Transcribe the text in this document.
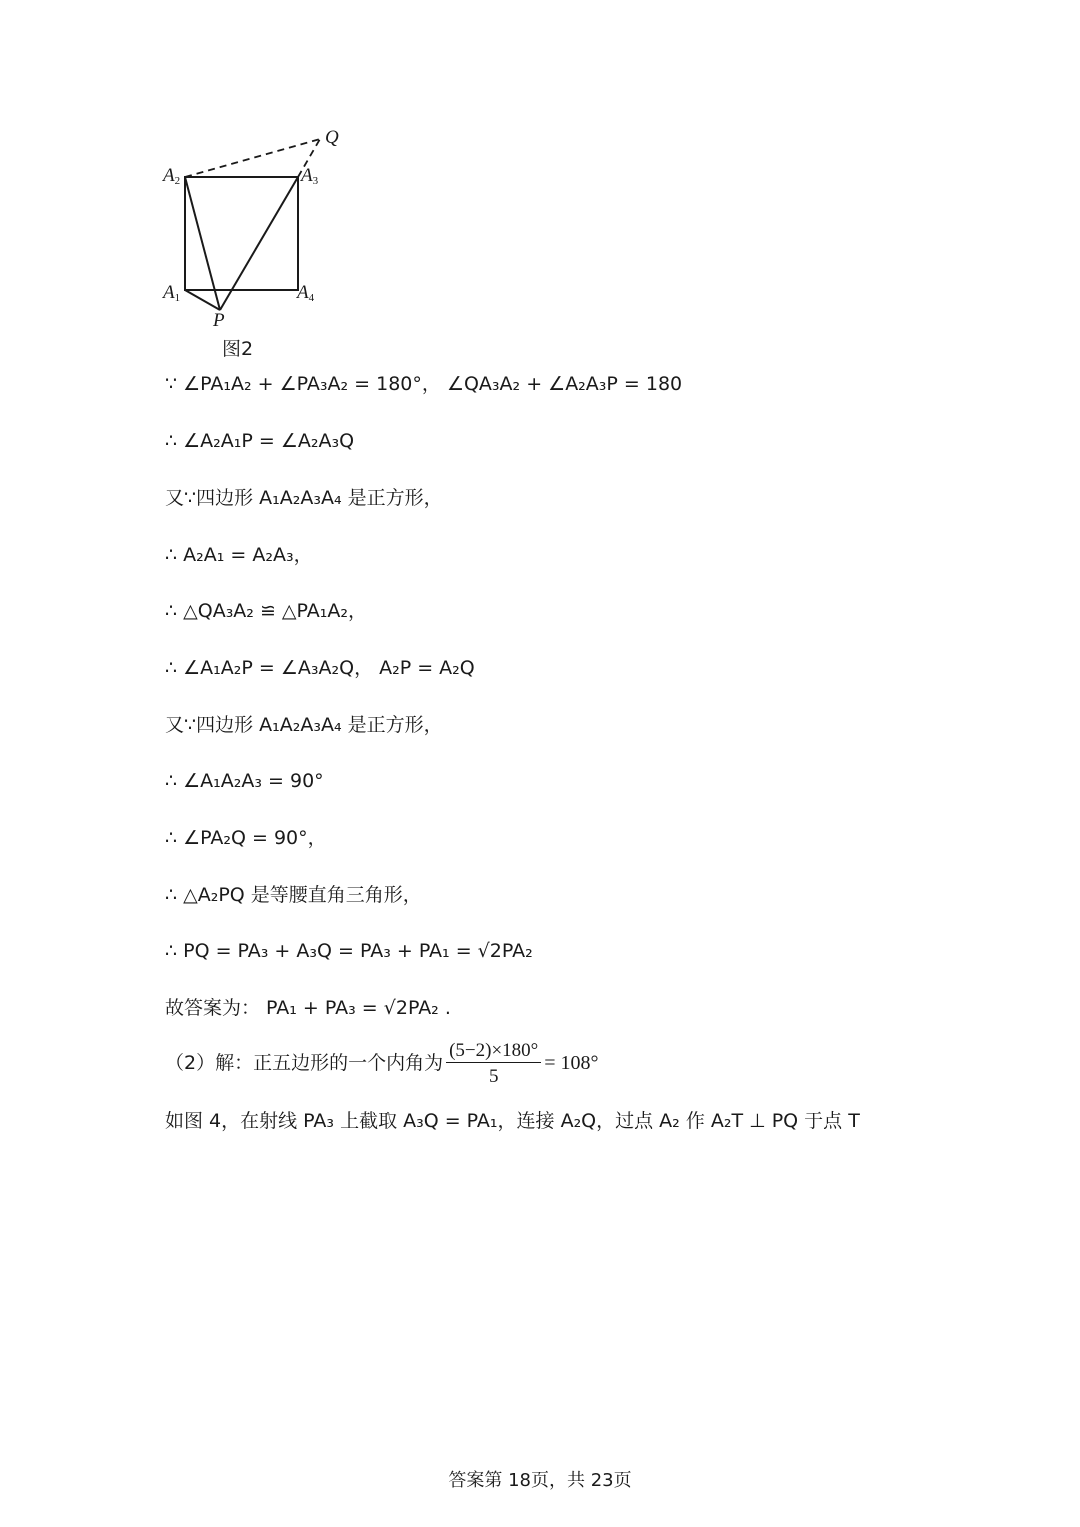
Q
$A_2$	$A_3$
$A_1$	$A_4$
P
图2
∵ ∠PA₁A₂ + ∠PA₃A₂ = 180°， ∠QA₃A₂ + ∠A₂A₃P = 180
∴ ∠A₂A₁P = ∠A₂A₃Q
又∵四边形 A₁A₂A₃A₄ 是正方形，
∴ A₂A₁ = A₂A₃，
∴ △QA₃A₂ ≌ △PA₁A₂，
∴ ∠A₁A₂P = ∠A₃A₂Q， A₂P = A₂Q
又∵四边形 A₁A₂A₃A₄ 是正方形，
∴ ∠A₁A₂A₃ = 90°
∴ ∠PA₂Q = 90°，
∴ △A₂PQ 是等腰直角三角形，
∴ PQ = PA₃ + A₃Q = PA₃ + PA₁ = √2PA₂
故答案为： PA₁ + PA₃ = √2PA₂ .
（2）解：正五边形的一个内角为 $\frac{(5-2)\times 180^\circ}{5} = 108^\circ$
如图 4，在射线 PA₃ 上截取 A₃Q = PA₁，连接 A₂Q，过点 A₂ 作 A₂T ⊥ PQ 于点 T
答案第 18页，共 23页
